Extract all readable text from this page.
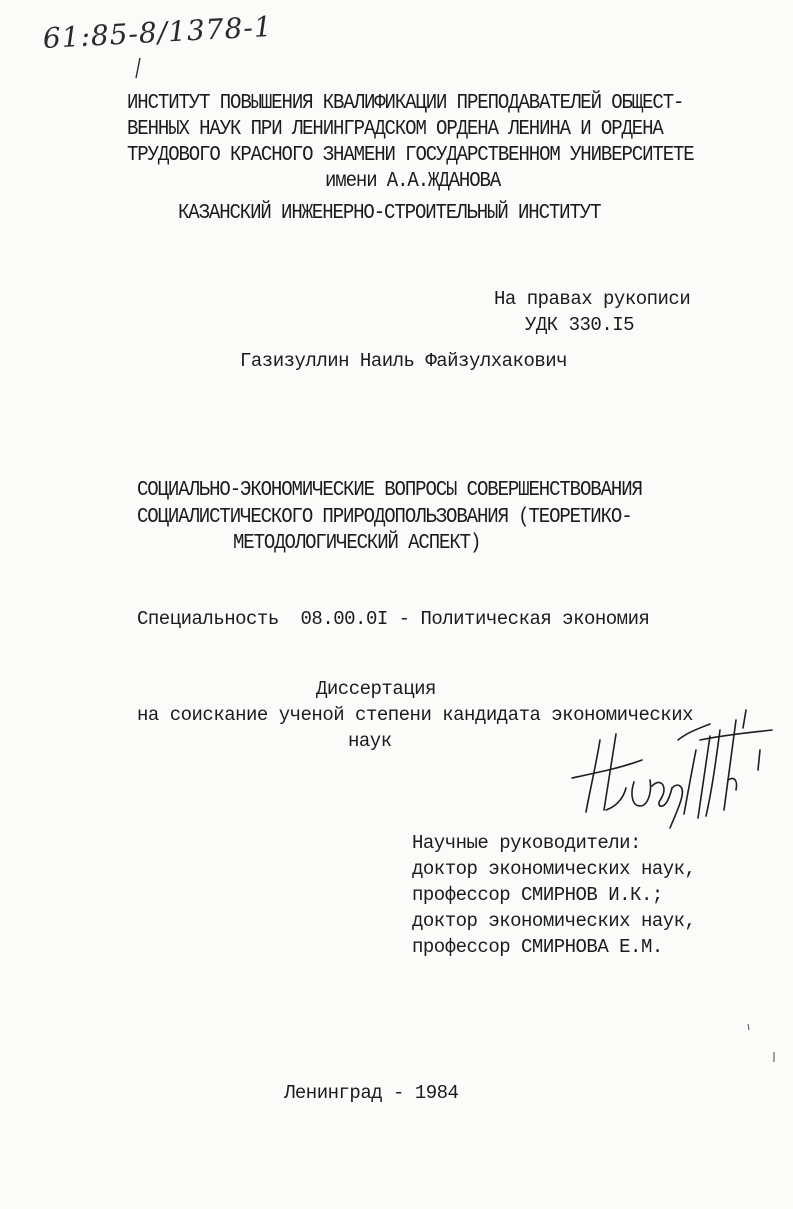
61:85-8/1378-1
ИНСТИТУТ ПОВЫШЕНИЯ КВАЛИФИКАЦИИ ПРЕПОДАВАТЕЛЕЙ ОБЩЕСТ-
ВЕННЫХ НАУК ПРИ ЛЕНИНГРАДСКОМ ОРДЕНА ЛЕНИНА И ОРДЕНА
ТРУДОВОГО КРАСНОГО ЗНАМЕНИ ГОСУДАРСТВЕННОМ УНИВЕРСИТЕТЕ
имени А.А.ЖДАНОВА
КАЗАНСКИЙ ИНЖЕНЕРНО-СТРОИТЕЛЬНЫЙ ИНСТИТУТ
На правах рукописи
УДК 330.I5
Газизуллин Наиль Файзулхакович
СОЦИАЛЬНО-ЭКОНОМИЧЕСКИЕ ВОПРОСЫ СОВЕРШЕНСТВОВАНИЯ
СОЦИАЛИСТИЧЕСКОГО ПРИРОДОПОЛЬЗОВАНИЯ (ТЕОРЕТИКО-
МЕТОДОЛОГИЧЕСКИЙ АСПЕКТ)
Специальность  08.00.0I - Политическая экономия
Диссертация
на соискание ученой степени кандидата экономических
наук
Научные руководители:
доктор экономических наук,
профессор СМИРНОВ И.К.;
доктор экономических наук,
профессор СМИРНОВА Е.М.
Ленинград - 1984
